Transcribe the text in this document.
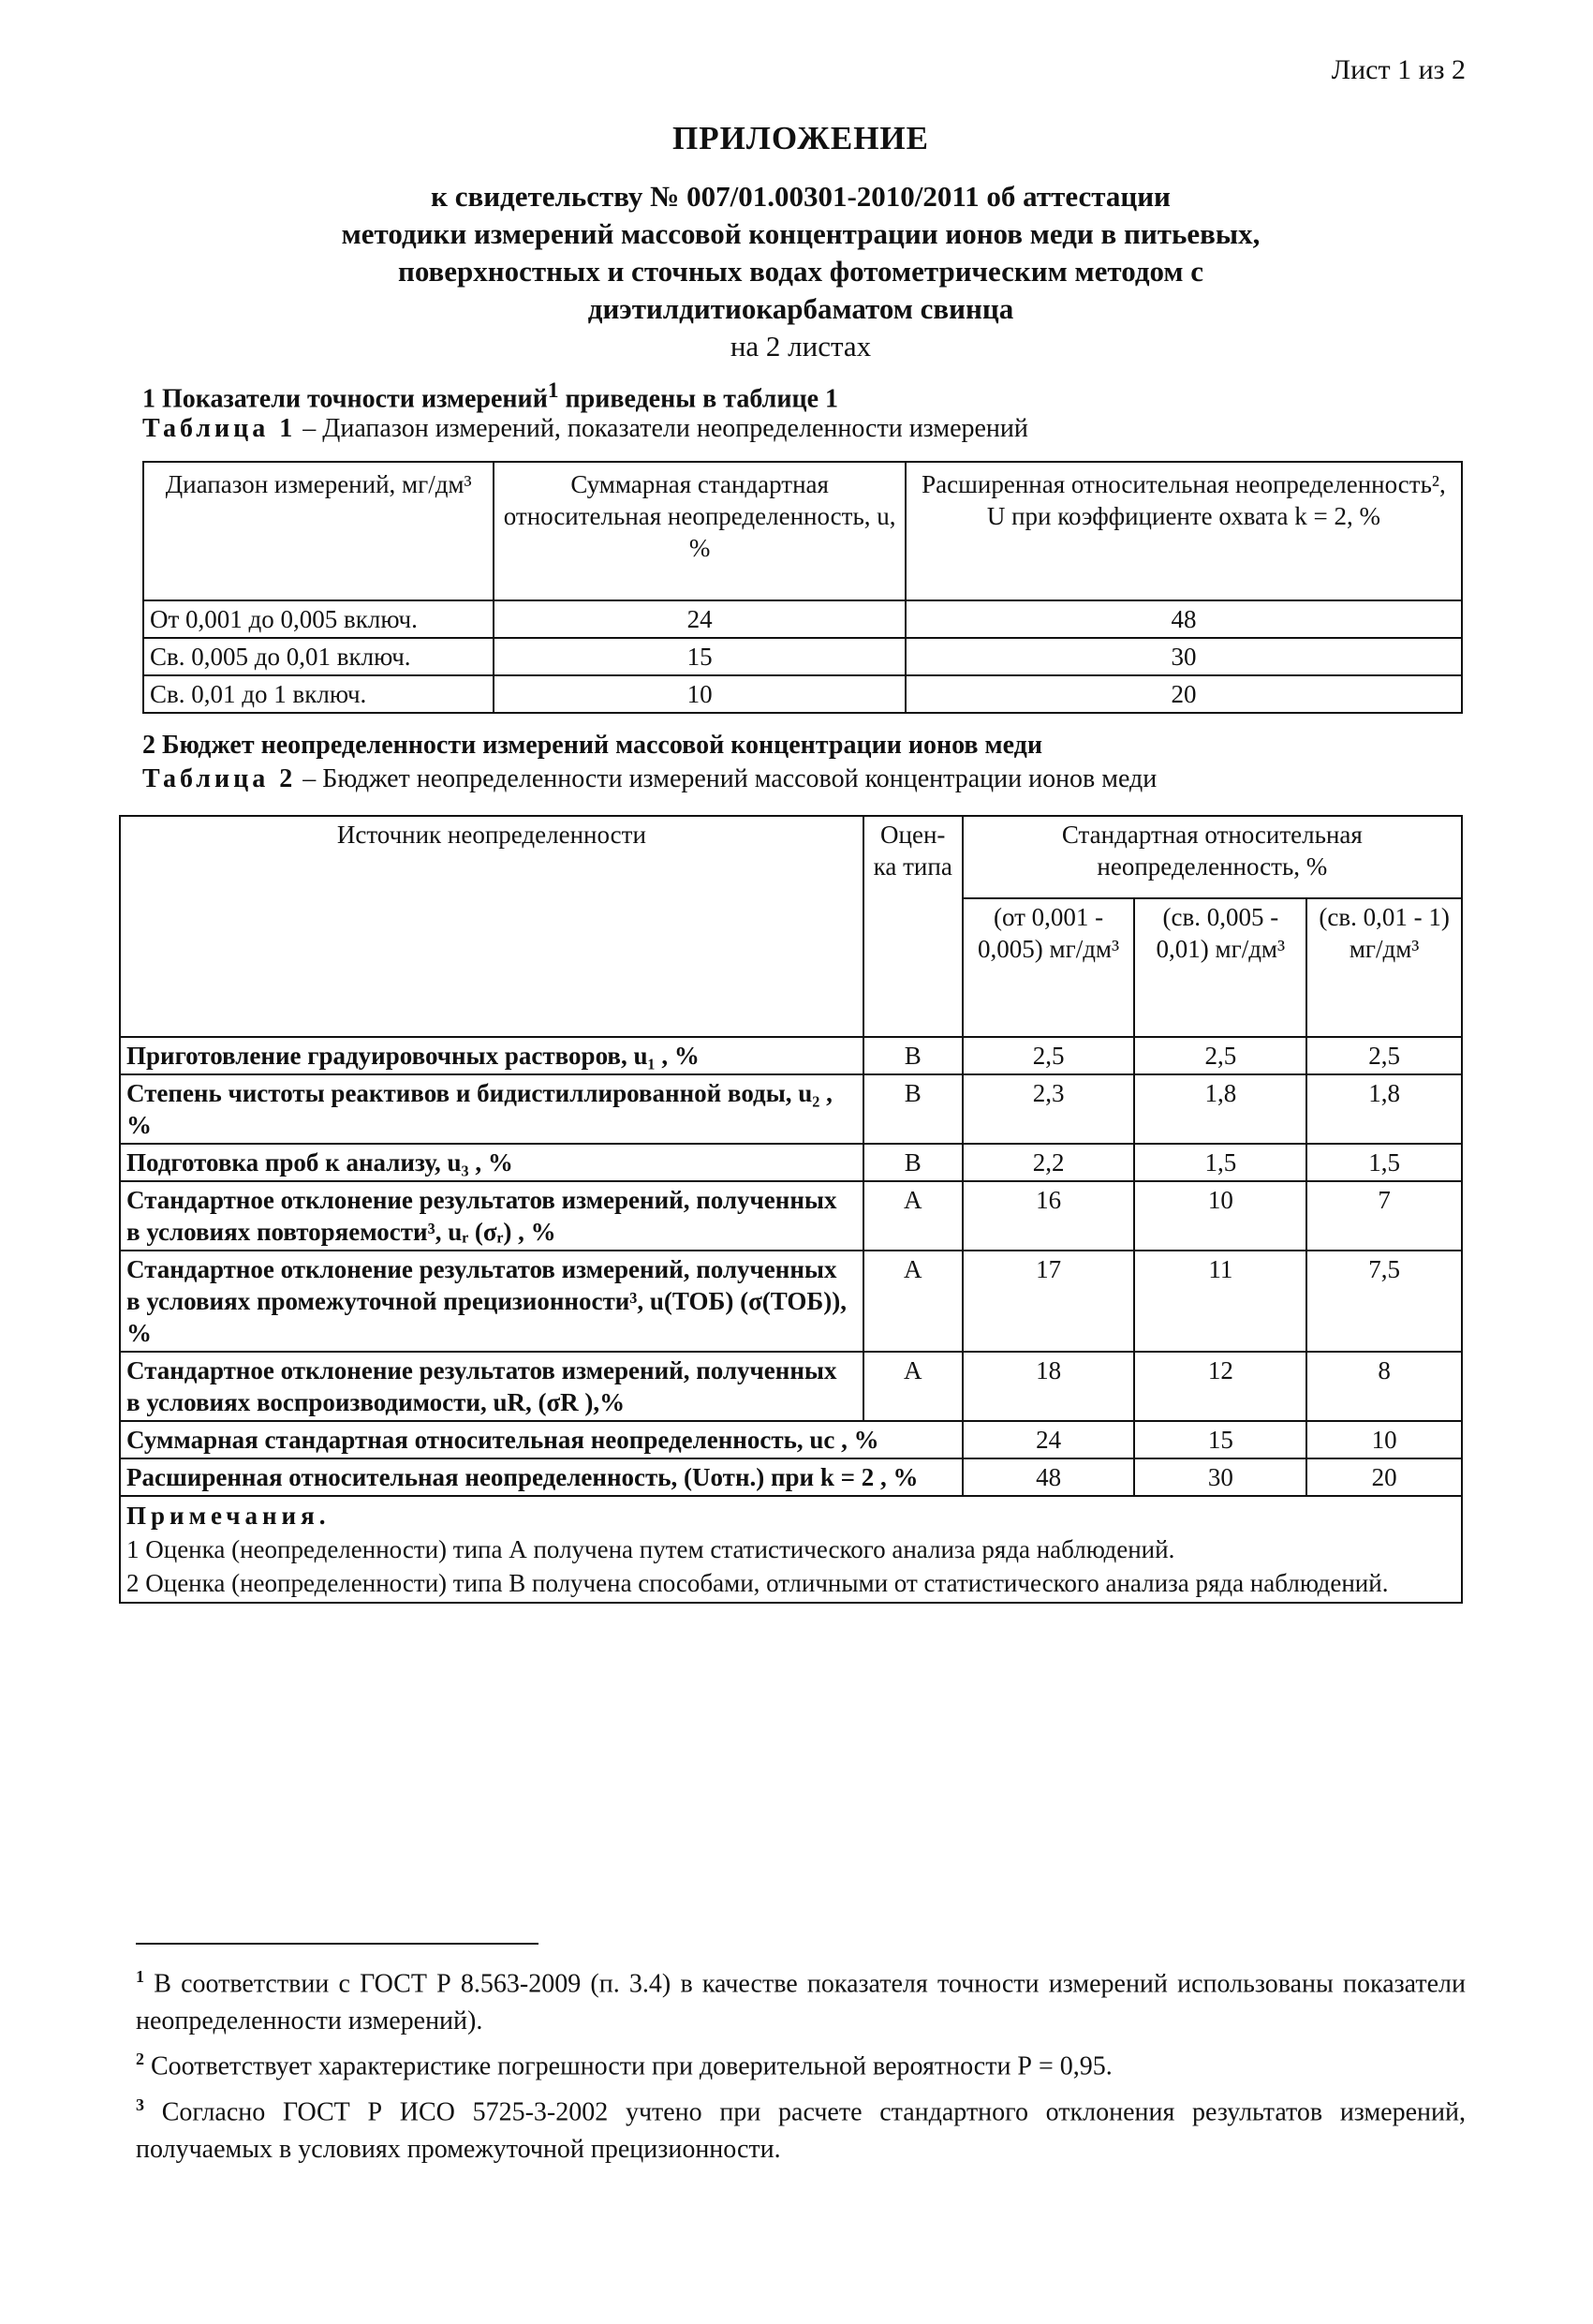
Лист 1 из 2
ПРИЛОЖЕНИЕ
к свидетельству № 007/01.00301-2010/2011 об аттестации
методики измерений массовой концентрации ионов меди в питьевых,
поверхностных и сточных водах фотометрическим методом с
диэтилдитиокарбаматом свинца
на 2 листах
1 Показатели точности измерений$^1$ приведены в таблице 1
Таблица 1 – Диапазон измерений, показатели неопределенности измерений
Диапазон измерений, мг/дм³	Суммарная стандартная относительная неопределенность, u, %	Расширенная относительная неопределенность², U при коэффициенте охвата k = 2, %
От 0,001 до 0,005 включ.	24	48
Св. 0,005 до 0,01 включ.	15	30
Св. 0,01 до 1 включ.	10	20
2 Бюджет неопределенности измерений массовой концентрации ионов меди
Таблица 2 – Бюджет неопределенности измерений массовой концентрации ионов меди
Источник неопределенности	Оцен-ка типа	Стандартная относительная неопределенность, %		
		(от 0,001 - 0,005) мг/дм³	(св. 0,005 - 0,01) мг/дм³	(св. 0,01 - 1) мг/дм³
Приготовление градуировочных растворов, u₁ , %	B	2,5	2,5	2,5
Степень чистоты реактивов и бидистиллированной воды, u₂ , %	B	2,3	1,8	1,8
Подготовка проб к анализу, u₃ , %	B	2,2	1,5	1,5
Стандартное отклонение результатов измерений, полученных в условиях повторяемости³, uᵣ (σᵣ) , %	A	16	10	7
Стандартное отклонение результатов измерений, полученных в условиях промежуточной прецизионности³, u(ТОБ) (σ(ТОБ)), %	A	17	11	7,5
Стандартное отклонение результатов измерений, полученных в условиях воспроизводимости, uR, (σR ),%	A	18	12	8
Суммарная стандартная относительная неопределенность, uc , %		24	15	10
Расширенная относительная неопределенность, (Uотн.) при k = 2 , %		48	30	20

Примечания.
1 Оценка (неопределенности) типа А получена путем статистического анализа ряда наблюдений.
2 Оценка (неопределенности) типа В получена способами, отличными от статистического анализа ряда наблюдений.				

$^1$ В соответствии с ГОСТ Р 8.563-2009 (п. 3.4) в качестве показателя точности измерений использованы показатели неопределенности измерений).

$^2$ Соответствует характеристике погрешности при доверительной вероятности Р = 0,95.

$^3$ Согласно ГОСТ Р ИСО 5725-3-2002 учтено при расчете стандартного отклонения результатов измерений, получаемых в условиях промежуточной прецизионности.
